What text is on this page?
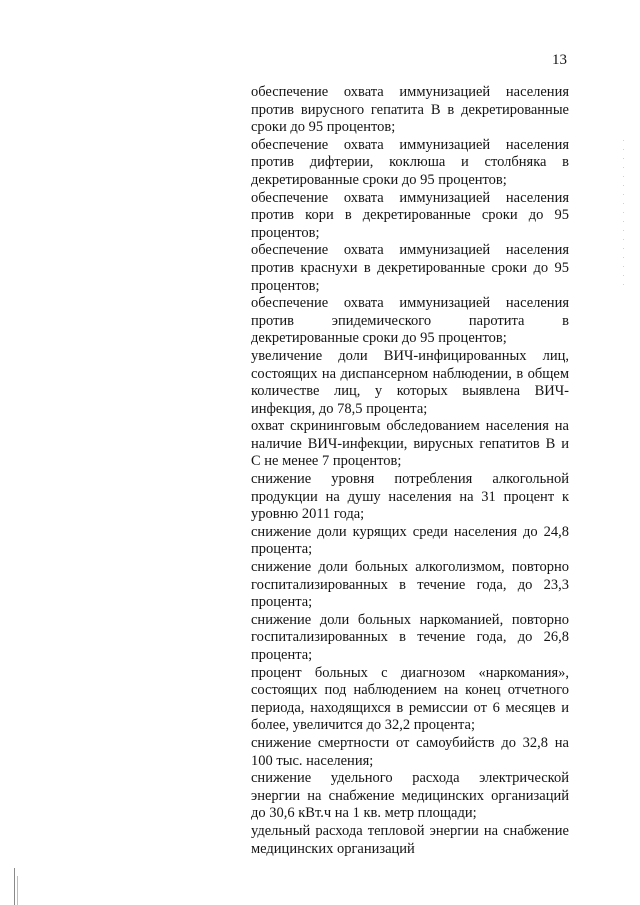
13

обеспечение охвата иммунизацией населения против вирусного гепатита В в декретированные сроки до 95 процентов;

обеспечение охвата иммунизацией населения против дифтерии, коклюша и столбняка в декретированные сроки до 95 процентов;

обеспечение охвата иммунизацией населения против кори в декретированные сроки до 95 процентов;

обеспечение охвата иммунизацией населения против краснухи в декретированные сроки до 95 процентов;

обеспечение охвата иммунизацией населения против эпидемического паротита в декретированные сроки до 95 процентов;

увеличение доли ВИЧ-инфицированных лиц, состоящих на диспансерном наблюдении, в общем количестве лиц, у которых выявлена ВИЧ-инфекция, до 78,5 процента;

охват скрининговым обследованием населения на наличие ВИЧ-инфекции, вирусных гепатитов В и С не менее 7 процентов;

снижение уровня потребления алкогольной продукции на душу населения на 31 процент к уровню 2011 года;

снижение доли курящих среди населения до 24,8 процента;

снижение доли больных алкоголизмом, повторно госпитализированных в течение года, до 23,3 процента;

снижение доли больных наркоманией, повторно госпитализированных в течение года, до 26,8 процента;

процент больных с диагнозом «наркомания», состоящих под наблюдением на конец отчетного периода, находящихся в ремиссии от 6 месяцев и более, увеличится до 32,2 процента;

снижение смертности от самоубийств до 32,8 на 100 тыс. населения;

снижение удельного расхода электрической энергии на снабжение медицинских организаций до 30,6 кВт.ч на 1 кв. метр площади;

удельный расхода тепловой энергии на снабжение медицинских организаций
